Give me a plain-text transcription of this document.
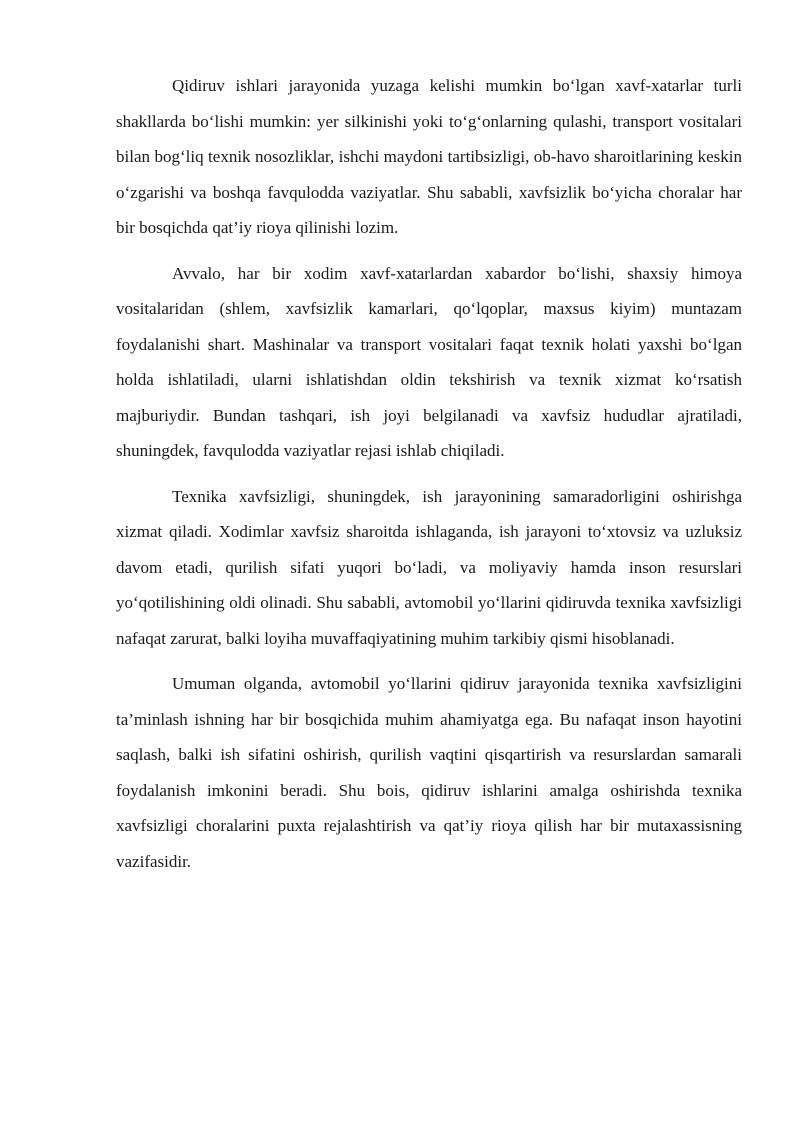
Qidiruv ishlari jarayonida yuzaga kelishi mumkin bo‘lgan xavf-xatarlar turli shakllarda bo‘lishi mumkin: yer silkinishi yoki to‘g‘onlarning qulashi, transport vositalari bilan bog‘liq texnik nosozliklar, ishchi maydoni tartibsizligi, ob-havo sharoitlarining keskin o‘zgarishi va boshqa favqulodda vaziyatlar. Shu sababli, xavfsizlik bo‘yicha choralar har bir bosqichda qat’iy rioya qilinishi lozim.

Avvalo, har bir xodim xavf-xatarlardan xabardor bo‘lishi, shaxsiy himoya vositalaridan (shlem, xavfsizlik kamarlari, qo‘lqoplar, maxsus kiyim) muntazam foydalanishi shart. Mashinalar va transport vositalari faqat texnik holati yaxshi bo‘lgan holda ishlatiladi, ularni ishlatishdan oldin tekshirish va texnik xizmat ko‘rsatish majburiydir. Bundan tashqari, ish joyi belgilanadi va xavfsiz hududlar ajratiladi, shuningdek, favqulodda vaziyatlar rejasi ishlab chiqiladi.

Texnika xavfsizligi, shuningdek, ish jarayonining samaradorligini oshirishga xizmat qiladi. Xodimlar xavfsiz sharoitda ishlaganda, ish jarayoni to‘xtovsiz va uzluksiz davom etadi, qurilish sifati yuqori bo‘ladi, va moliyaviy hamda inson resurslari yo‘qotilishining oldi olinadi. Shu sababli, avtomobil yo‘llarini qidiruvda texnika xavfsizligi nafaqat zarurat, balki loyiha muvaffaqiyatining muhim tarkibiy qismi hisoblanadi.

Umuman olganda, avtomobil yo‘llarini qidiruv jarayonida texnika xavfsizligini ta’minlash ishning har bir bosqichida muhim ahamiyatga ega. Bu nafaqat inson hayotini saqlash, balki ish sifatini oshirish, qurilish vaqtini qisqartirish va resurslardan samarali foydalanish imkonini beradi. Shu bois, qidiruv ishlarini amalga oshirishda texnika xavfsizligi choralarini puxta rejalashtirish va qat’iy rioya qilish har bir mutaxassisning vazifasidir.
